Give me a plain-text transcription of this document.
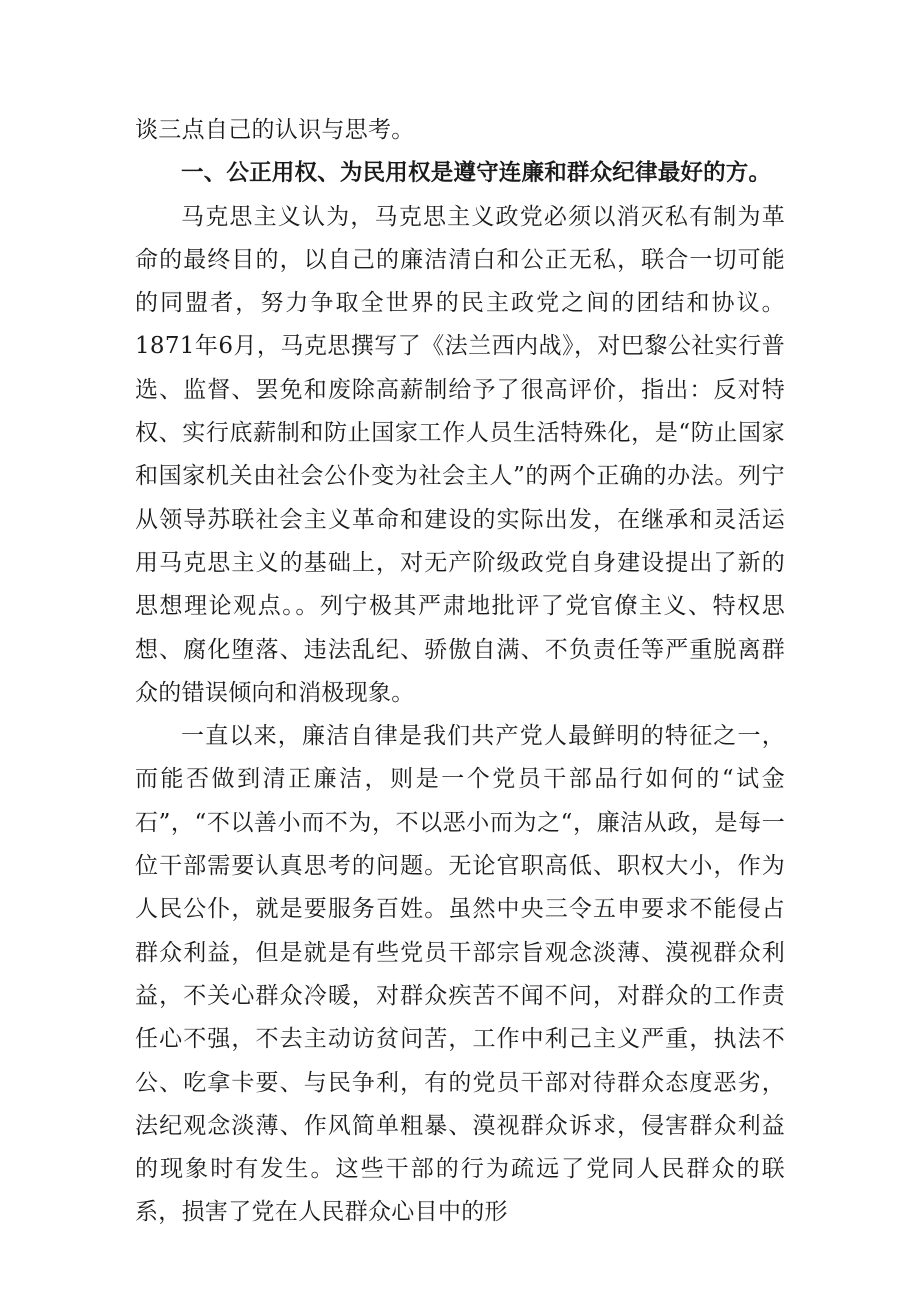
谈三点自己的认识与思考。

一、公正用权、为民用权是遵守连廉和群众纪律最好的方。

马克思主义认为，马克思主义政党必须以消灭私有制为革命的最终目的，以自己的廉洁清白和公正无私，联合一切可能的同盟者，努力争取全世界的民主政党之间的团结和协议。1871年6月，马克思撰写了《法兰西内战》，对巴黎公社实行普选、监督、罢免和废除高薪制给予了很高评价，指出：反对特权、实行底薪制和防止国家工作人员生活特殊化，是“防止国家和国家机关由社会公仆变为社会主人”的两个正确的办法。列宁从领导苏联社会主义革命和建设的实际出发，在继承和灵活运用马克思主义的基础上，对无产阶级政党自身建设提出了新的思想理论观点。。列宁极其严肃地批评了党官僚主义、特权思想、腐化堕落、违法乱纪、骄傲自满、不负责任等严重脱离群众的错误倾向和消极现象。

一直以来，廉洁自律是我们共产党人最鲜明的特征之一，而能否做到清正廉洁，则是一个党员干部品行如何的“试金石”，“不以善小而不为，不以恶小而为之“，廉洁从政，是每一位干部需要认真思考的问题。无论官职高低、职权大小，作为人民公仆，就是要服务百姓。虽然中央三令五申要求不能侵占群众利益，但是就是有些党员干部宗旨观念淡薄、漠视群众利益，不关心群众冷暖，对群众疾苦不闻不问，对群众的工作责任心不强，不去主动访贫问苦，工作中利己主义严重，执法不公、吃拿卡要、与民争利，有的党员干部对待群众态度恶劣，法纪观念淡薄、作风简单粗暴、漠视群众诉求，侵害群众利益的现象时有发生。这些干部的行为疏远了党同人民群众的联系，损害了党在人民群众心目中的形
